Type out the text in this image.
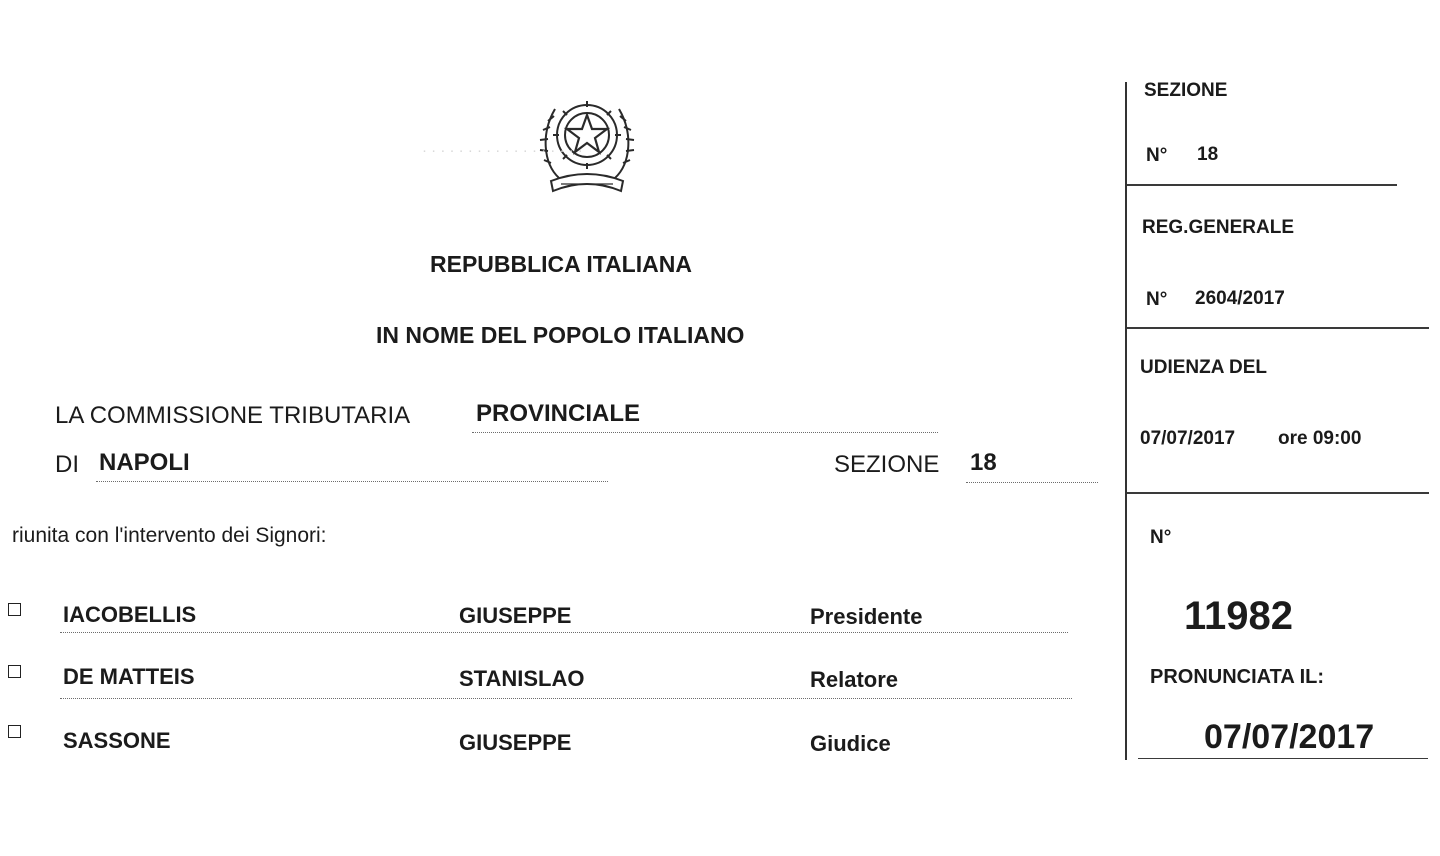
· · · · · · · · · · · · · · · · · ·
REPUBBLICA ITALIANA
IN NOME DEL POPOLO ITALIANO
LA COMMISSIONE TRIBUTARIA	PROVINCIALE
DI NAPOLI	SEZIONE 18
riunita con l'intervento dei Signori:
IACOBELLIS	GIUSEPPE	Presidente
DE MATTEIS	STANISLAO	Relatore
SASSONE	GIUSEPPE	Giudice
SEZIONE
N° 18
REG.GENERALE
N° 2604/2017
UDIENZA DEL
07/07/2017 ore 09:00
N°
11982
PRONUNCIATA IL:
07/07/2017
